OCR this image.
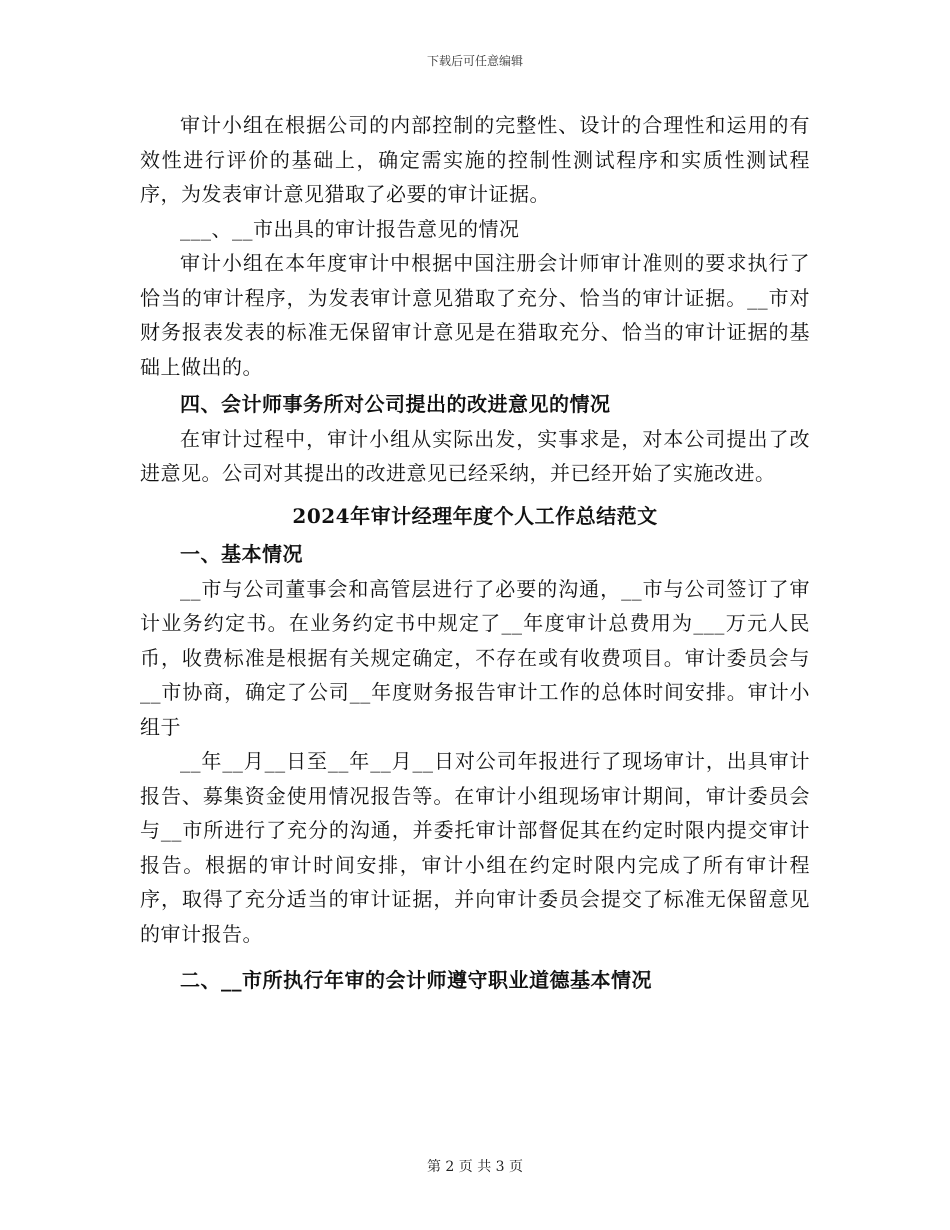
下载后可任意编辑

审计小组在根据公司的内部控制的完整性、设计的合理性和运用的有效性进行评价的基础上，确定需实施的控制性测试程序和实质性测试程序，为发表审计意见猎取了必要的审计证据。

___、__市出具的审计报告意见的情况

审计小组在本年度审计中根据中国注册会计师审计准则的要求执行了恰当的审计程序，为发表审计意见猎取了充分、恰当的审计证据。__市对财务报表发表的标准无保留审计意见是在猎取充分、恰当的审计证据的基础上做出的。

四、会计师事务所对公司提出的改进意见的情况

在审计过程中，审计小组从实际出发，实事求是，对本公司提出了改进意见。公司对其提出的改进意见已经采纳，并已经开始了实施改进。

2024年审计经理年度个人工作总结范文

一、基本情况

__市与公司董事会和高管层进行了必要的沟通，__市与公司签订了审计业务约定书。在业务约定书中规定了__年度审计总费用为___万元人民币，收费标准是根据有关规定确定，不存在或有收费项目。审计委员会与__市协商，确定了公司__年度财务报告审计工作的总体时间安排。审计小组于

__年__月__日至__年__月__日对公司年报进行了现场审计，出具审计报告、募集资金使用情况报告等。在审计小组现场审计期间，审计委员会与__市所进行了充分的沟通，并委托审计部督促其在约定时限内提交审计报告。根据的审计时间安排，审计小组在约定时限内完成了所有审计程序，取得了充分适当的审计证据，并向审计委员会提交了标准无保留意见的审计报告。

二、__市所执行年审的会计师遵守职业道德基本情况

第 2 页 共 3 页
